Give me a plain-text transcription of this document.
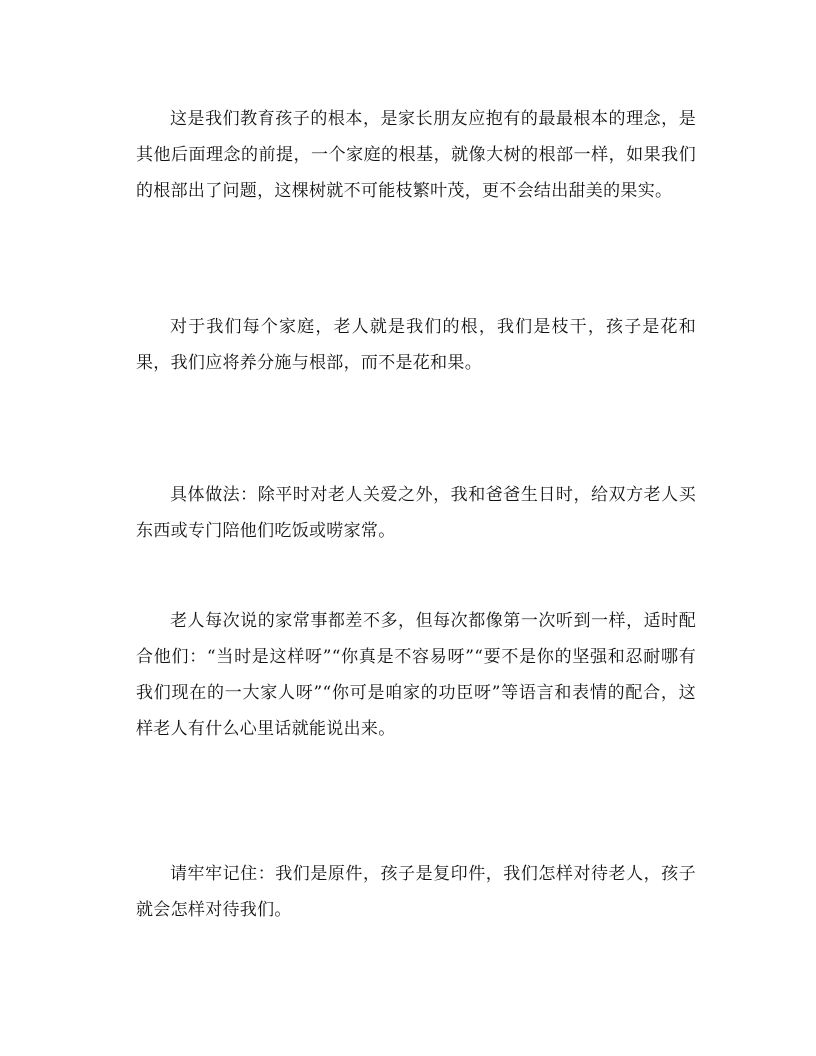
这是我们教育孩子的根本，是家长朋友应抱有的最最根本的理念，是其他后面理念的前提，一个家庭的根基，就像大树的根部一样，如果我们的根部出了问题，这棵树就不可能枝繁叶茂，更不会结出甜美的果实。

对于我们每个家庭，老人就是我们的根，我们是枝干，孩子是花和果，我们应将养分施与根部，而不是花和果。

具体做法：除平时对老人关爱之外，我和爸爸生日时，给双方老人买东西或专门陪他们吃饭或唠家常。

老人每次说的家常事都差不多，但每次都像第一次听到一样，适时配合他们：“当时是这样呀”“你真是不容易呀”“要不是你的坚强和忍耐哪有我们现在的一大家人呀”“你可是咱家的功臣呀”等语言和表情的配合，这样老人有什么心里话就能说出来。

请牢牢记住：我们是原件，孩子是复印件，我们怎样对待老人，孩子就会怎样对待我们。
